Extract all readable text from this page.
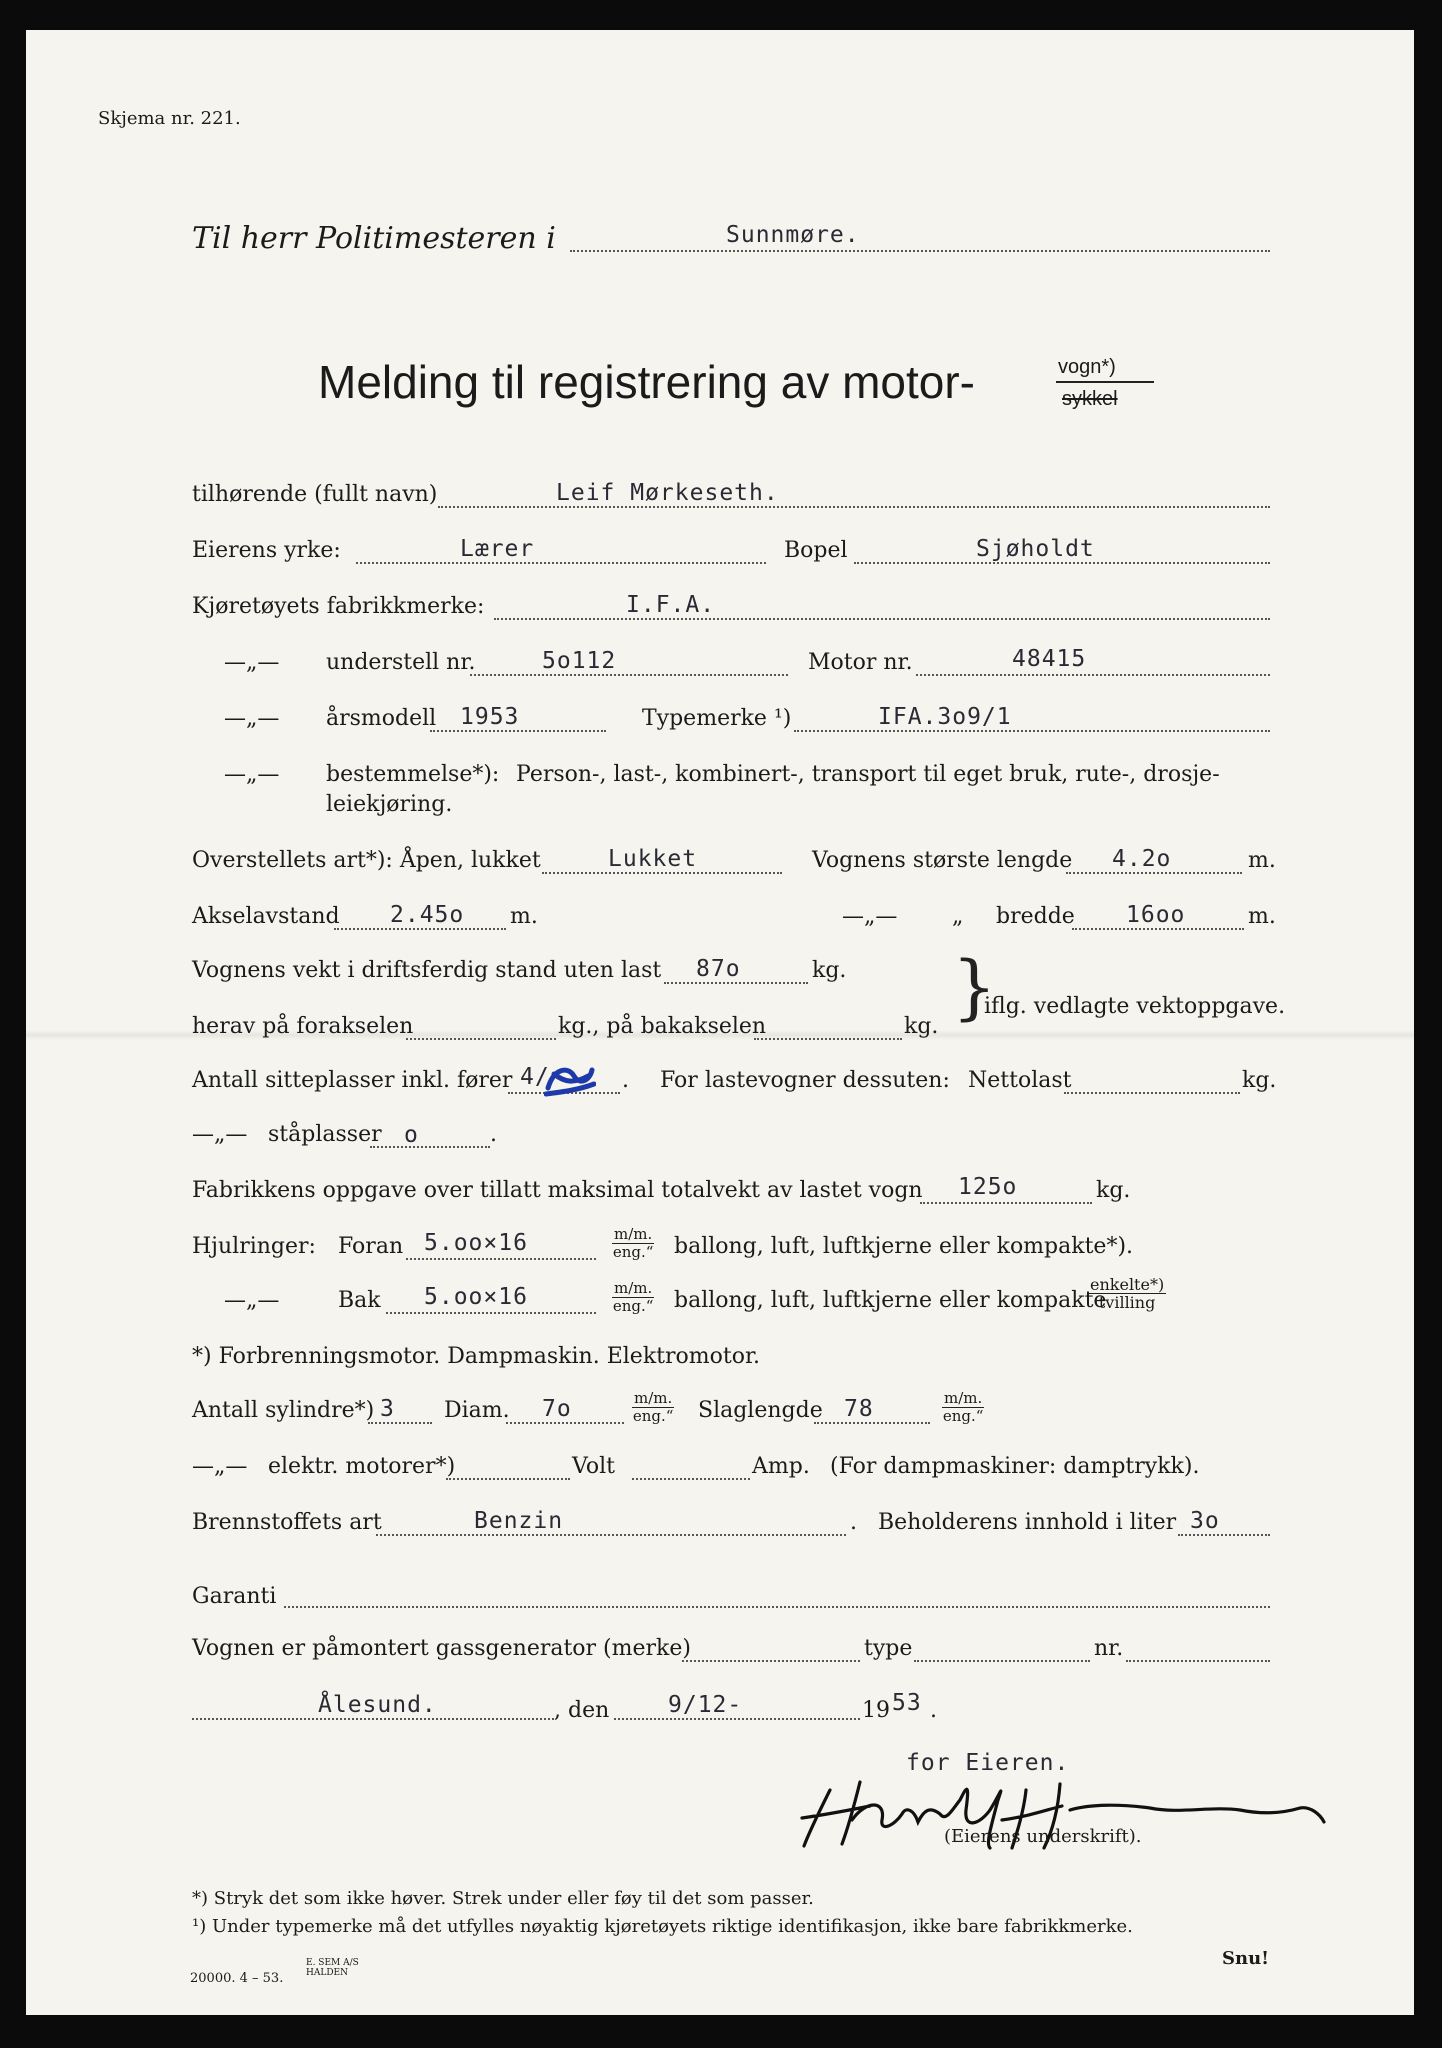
Skjema nr. 221.
Til herr Politimesteren i	Sunnmøre.
Melding til registrering av motor-	vogn*)
sykkel
tilhørende (fullt navn)	Leif Mørkeseth.
Eierens yrke:	Lærer	Bopel	Sjøholdt
Kjøretøyets fabrikkmerke:	I.F.A.
—„— understell nr.	5o112	Motor nr.	48415
—„— årsmodell 1953	Typemerke ¹)	IFA.3o9/1
—„— bestemmelse*): Person-, last-, kombinert-, transport til eget bruk, rute-, drosje-
leiekjøring.
Overstellets art*): Åpen, lukket	Lukket	Vognens største lengde 4.2o	m.
Akselavstand 2.45o m.	—„— „ bredde 16oo	m.
Vognens vekt i driftsferdig stand uten last 87o	kg.
herav på forakselen	kg., på bakakselen	kg. }
iflg. vedlagte vektoppgave.
Antall sitteplasser inkl. fører 4/	. For lastevogner dessuten: Nettolast	kg.
—„— ståplasser o	.
Fabrikkens oppgave over tillatt maksimal totalvekt av lastet vogn 125o	kg.
Hjulringer: Foran 5.oo×16	m/m.
eng.“ ballong, luft, luftkjerne eller kompakte*).
—„—	Bak 5.oo×16	m/m.
eng.“ ballong, luft, luftkjerne eller kompakte
enkelte*)
tvilling
*) Forbrenningsmotor. Dampmaskin. Elektromotor.
Antall sylindre*) 3 Diam. 7o	m/m.
eng.“ Slaglengde 78	m/m.
eng.“
—„— elektr. motorer*)	Volt	Amp. (For dampmaskiner: damptrykk).
Brennstoffets art	Benzin	. Beholderens innhold i liter 3o
Garanti
Vognen er påmontert gassgenerator (merke)	type	nr.
Ålesund.	, den	9/12-	19 53 .
for Eieren.
(Eierens underskrift).
*) Stryk det som ikke høver. Strek under eller føy til det som passer.
¹) Under typemerke må det utfylles nøyaktig kjøretøyets riktige identifikasjon, ikke bare fabrikkmerke.
20000. 4 – 53.
E. SEM A/S
HALDEN
Snu!
